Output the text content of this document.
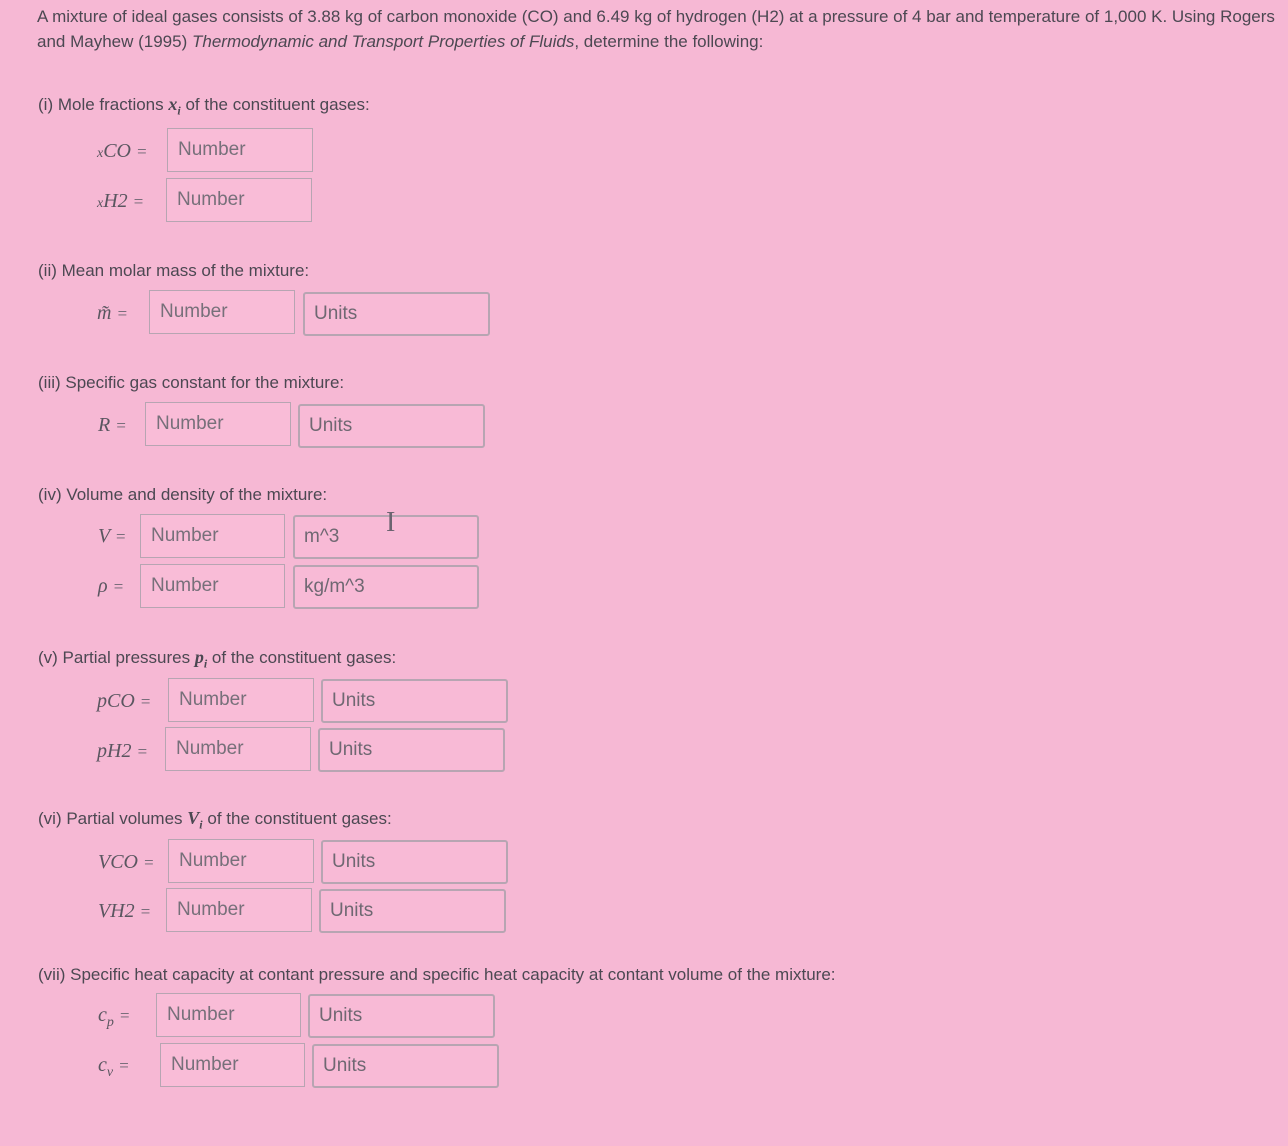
A mixture of ideal gases consists of 3.88 kg of carbon monoxide (CO) and 6.49 kg of hydrogen (H2) at a pressure of 4 bar and temperature of 1,000 K. Using Rogers and Mayhew (1995) Thermodynamic and Transport Properties of Fluids, determine the following:
(i) Mole fractions $x_i$ of the constituent gases:
xCO =	Number
xH2 =	Number
(ii) Mean molar mass of the mixture:
m̃ =	Number	Units
(iii) Specific gas constant for the mixture:
R =	Number	Units
(iv) Volume and density of the mixture:
V =	Number	m^3	I
ρ =	Number	kg/m^3
(v) Partial pressures $p_i$ of the constituent gases:
pCO =	Number	Units
pH2 =	Number	Units
(vi) Partial volumes $V_i$ of the constituent gases:
VCO =	Number	Units
VH2 =	Number	Units
(vii) Specific heat capacity at contant pressure and specific heat capacity at contant volume of the mixture:
$c_p$ =	Number	Units
$c_v$ =	Number	Units
